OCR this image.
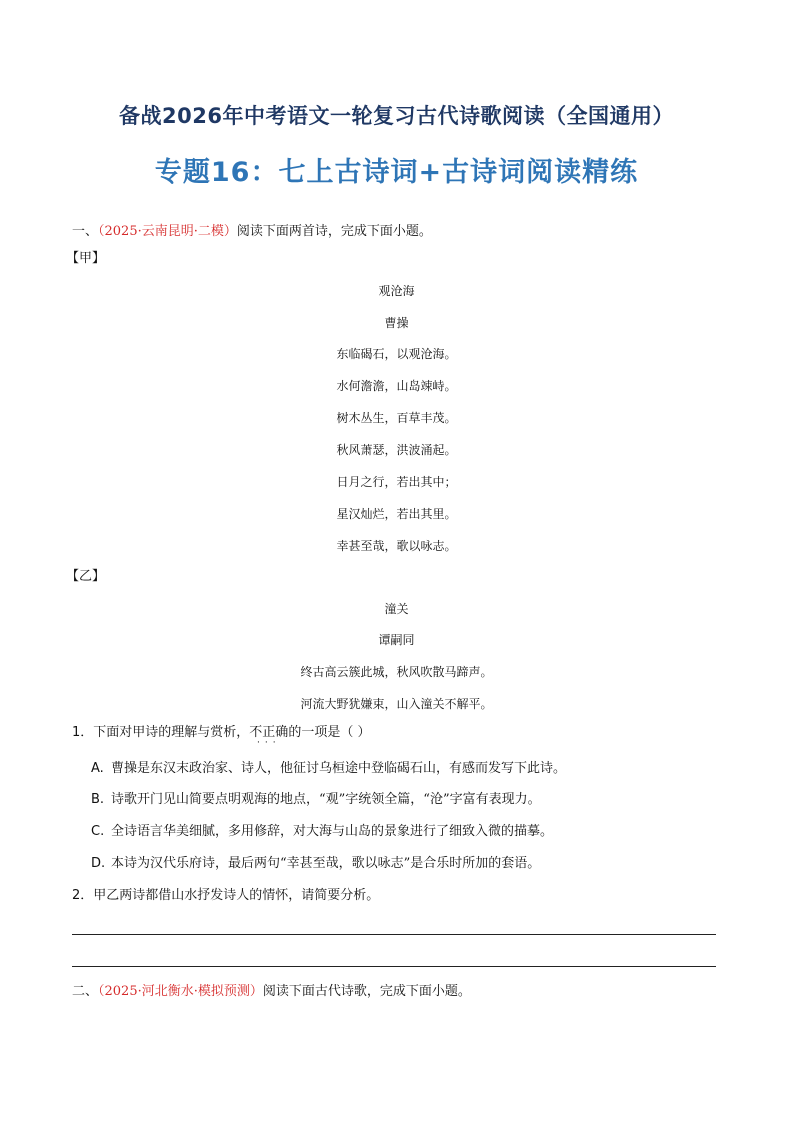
备战2026年中考语文一轮复习古代诗歌阅读（全国通用）
专题16：七上古诗词+古诗词阅读精练
一、（2025·云南昆明·二模）阅读下面两首诗，完成下面小题。
【甲】
观沧海
曹操
东临碣石，以观沧海。
水何澹澹，山岛竦峙。
树木丛生，百草丰茂。
秋风萧瑟，洪波涌起。
日月之行，若出其中；
星汉灿烂，若出其里。
幸甚至哉，歌以咏志。
【乙】
潼关
谭嗣同
终古高云簇此城，秋风吹散马蹄声。
河流大野犹嫌束，山入潼关不解平。
1．下面对甲诗的理解与赏析，不正确
···
的一项是（ ）
A. 曹操是东汉末政治家、诗人，他征讨乌桓途中登临碣石山，有感而发写下此诗。
B. 诗歌开门见山简要点明观海的地点，“观”字统领全篇，“沧”字富有表现力。
C. 全诗语言华美细腻，多用修辞，对大海与山岛的景象进行了细致入微的描摹。
D. 本诗为汉代乐府诗，最后两句“幸甚至哉，歌以咏志”是合乐时所加的套语。
2．甲乙两诗都借山水抒发诗人的情怀，请简要分析。
二、（2025·河北衡水·模拟预测）阅读下面古代诗歌，完成下面小题。
